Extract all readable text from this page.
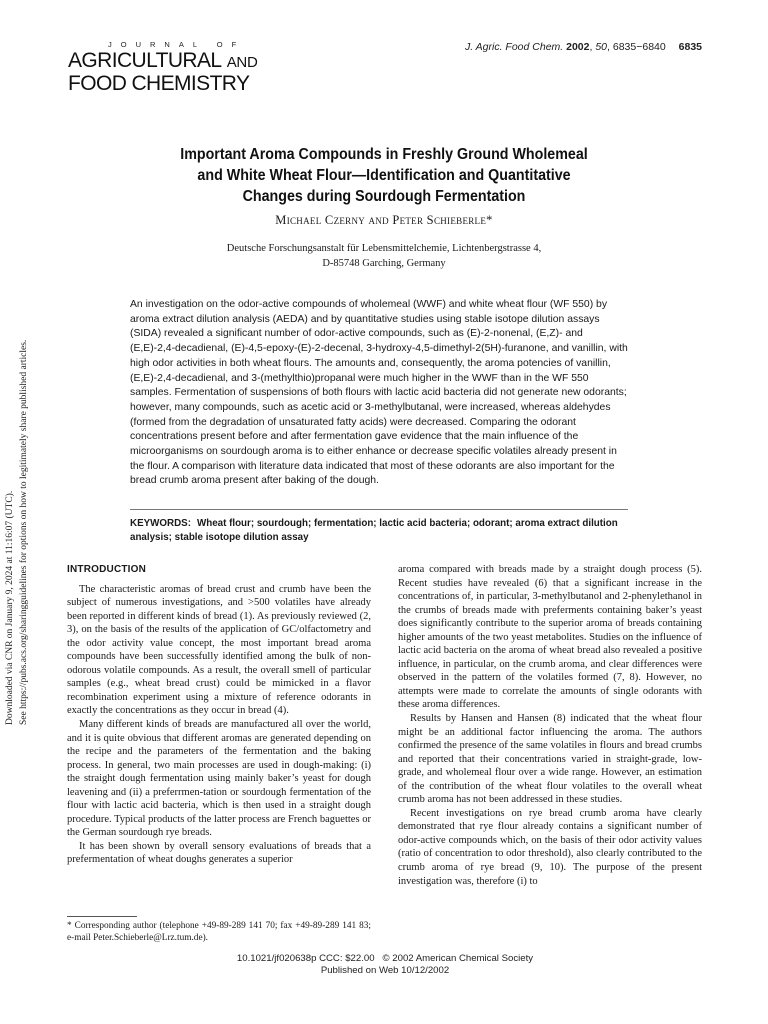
Downloaded via CNR on January 9, 2024 at 11:16:07 (UTC). See https://pubs.acs.org/sharingguidelines for options on how to legitimately share published articles.
JOURNAL OF
AGRICULTURAL AND
FOOD CHEMISTRY
J. Agric. Food Chem. 2002, 50, 6835−6840 6835
Important Aroma Compounds in Freshly Ground Wholemeal
and White Wheat Flour—Identification and Quantitative
Changes during Sourdough Fermentation
Michael Czerny and Peter Schieberle*
Deutsche Forschungsanstalt für Lebensmittelchemie, Lichtenbergstrasse 4,
D-85748 Garching, Germany
An investigation on the odor-active compounds of wholemeal (WWF) and white wheat flour (WF 550) by aroma extract dilution analysis (AEDA) and by quantitative studies using stable isotope dilution assays (SIDA) revealed a significant number of odor-active compounds, such as (E)-2-nonenal, (E,Z)- and (E,E)-2,4-decadienal, (E)-4,5-epoxy-(E)-2-decenal, 3-hydroxy-4,5-dimethyl-2(5H)-furanone, and vanillin, with high odor activities in both wheat flours. The amounts and, consequently, the aroma potencies of vanillin, (E,E)-2,4-decadienal, and 3-(methylthio)propanal were much higher in the WWF than in the WF 550 samples. Fermentation of suspensions of both flours with lactic acid bacteria did not generate new odorants; however, many compounds, such as acetic acid or 3-methylbutanal, were increased, whereas aldehydes (formed from the degradation of unsaturated fatty acids) were decreased. Comparing the odorant concentrations present before and after fermentation gave evidence that the main influence of the microorganisms on sourdough aroma is to either enhance or decrease specific volatiles already present in the flour. A comparison with literature data indicated that most of these odorants are also important for the bread crumb aroma present after baking of the dough.
KEYWORDS: Wheat flour; sourdough; fermentation; lactic acid bacteria; odorant; aroma extract dilution analysis; stable isotope dilution assay
INTRODUCTION

The characteristic aromas of bread crust and crumb have been the subject of numerous investigations, and >500 volatiles have already been reported in different kinds of bread (1). As previously reviewed (2, 3), on the basis of the results of the application of GC/olfactometry and the odor activity value concept, the most important bread aroma compounds have been successfully identified among the bulk of non-odorous volatile compounds. As a result, the overall smell of particular samples (e.g., wheat bread crust) could be mimicked in a flavor recombination experiment using a mixture of reference odorants in exactly the concentrations as they occur in bread (4).

Many different kinds of breads are manufactured all over the world, and it is quite obvious that different aromas are generated depending on the recipe and the parameters of the fermentation and the baking process. In general, two main processes are used in dough-making: (i) the straight dough fermentation using mainly baker’s yeast for dough leavening and (ii) a preferrmen-tation or sourdough fermentation of the flour with lactic acid bacteria, which is then used in a straight dough procedure. Typical products of the latter process are French baguettes or the German sourdough rye breads.

It has been shown by overall sensory evaluations of breads that a prefermentation of wheat doughs generates a superior

aroma compared with breads made by a straight dough process (5). Recent studies have revealed (6) that a significant increase in the concentrations of, in particular, 3-methylbutanol and 2-phenylethanol in the crumbs of breads made with preferments containing baker’s yeast does significantly contribute to the superior aroma of breads containing higher amounts of the two yeast metabolites. Studies on the influence of lactic acid bacteria on the aroma of wheat bread also revealed a positive influence, in particular, on the crumb aroma, and clear differences were observed in the pattern of the volatiles formed (7, 8). However, no attempts were made to correlate the amounts of single odorants with these aroma differences.

Results by Hansen and Hansen (8) indicated that the wheat flour might be an additional factor influencing the aroma. The authors confirmed the presence of the same volatiles in flours and bread crumbs and reported that their concentrations varied in straight-grade, low-grade, and wholemeal flour over a wide range. However, an estimation of the contribution of the wheat flour volatiles to the overall wheat crumb aroma has not been addressed in these studies.

Recent investigations on rye bread crumb aroma have clearly demonstrated that rye flour already contains a significant number of odor-active compounds which, on the basis of their odor activity values (ratio of concentration to odor threshold), also clearly contributed to the crumb aroma of rye bread (9, 10). The purpose of the present investigation was, therefore (i) to

* Corresponding author (telephone +49-89-289 141 70; fax +49-89-289 141 83; e-mail Peter.Schieberle@Lrz.tum.de).
10.1021/jf020638p CCC: $22.00 © 2002 American Chemical Society
Published on Web 10/12/2002
